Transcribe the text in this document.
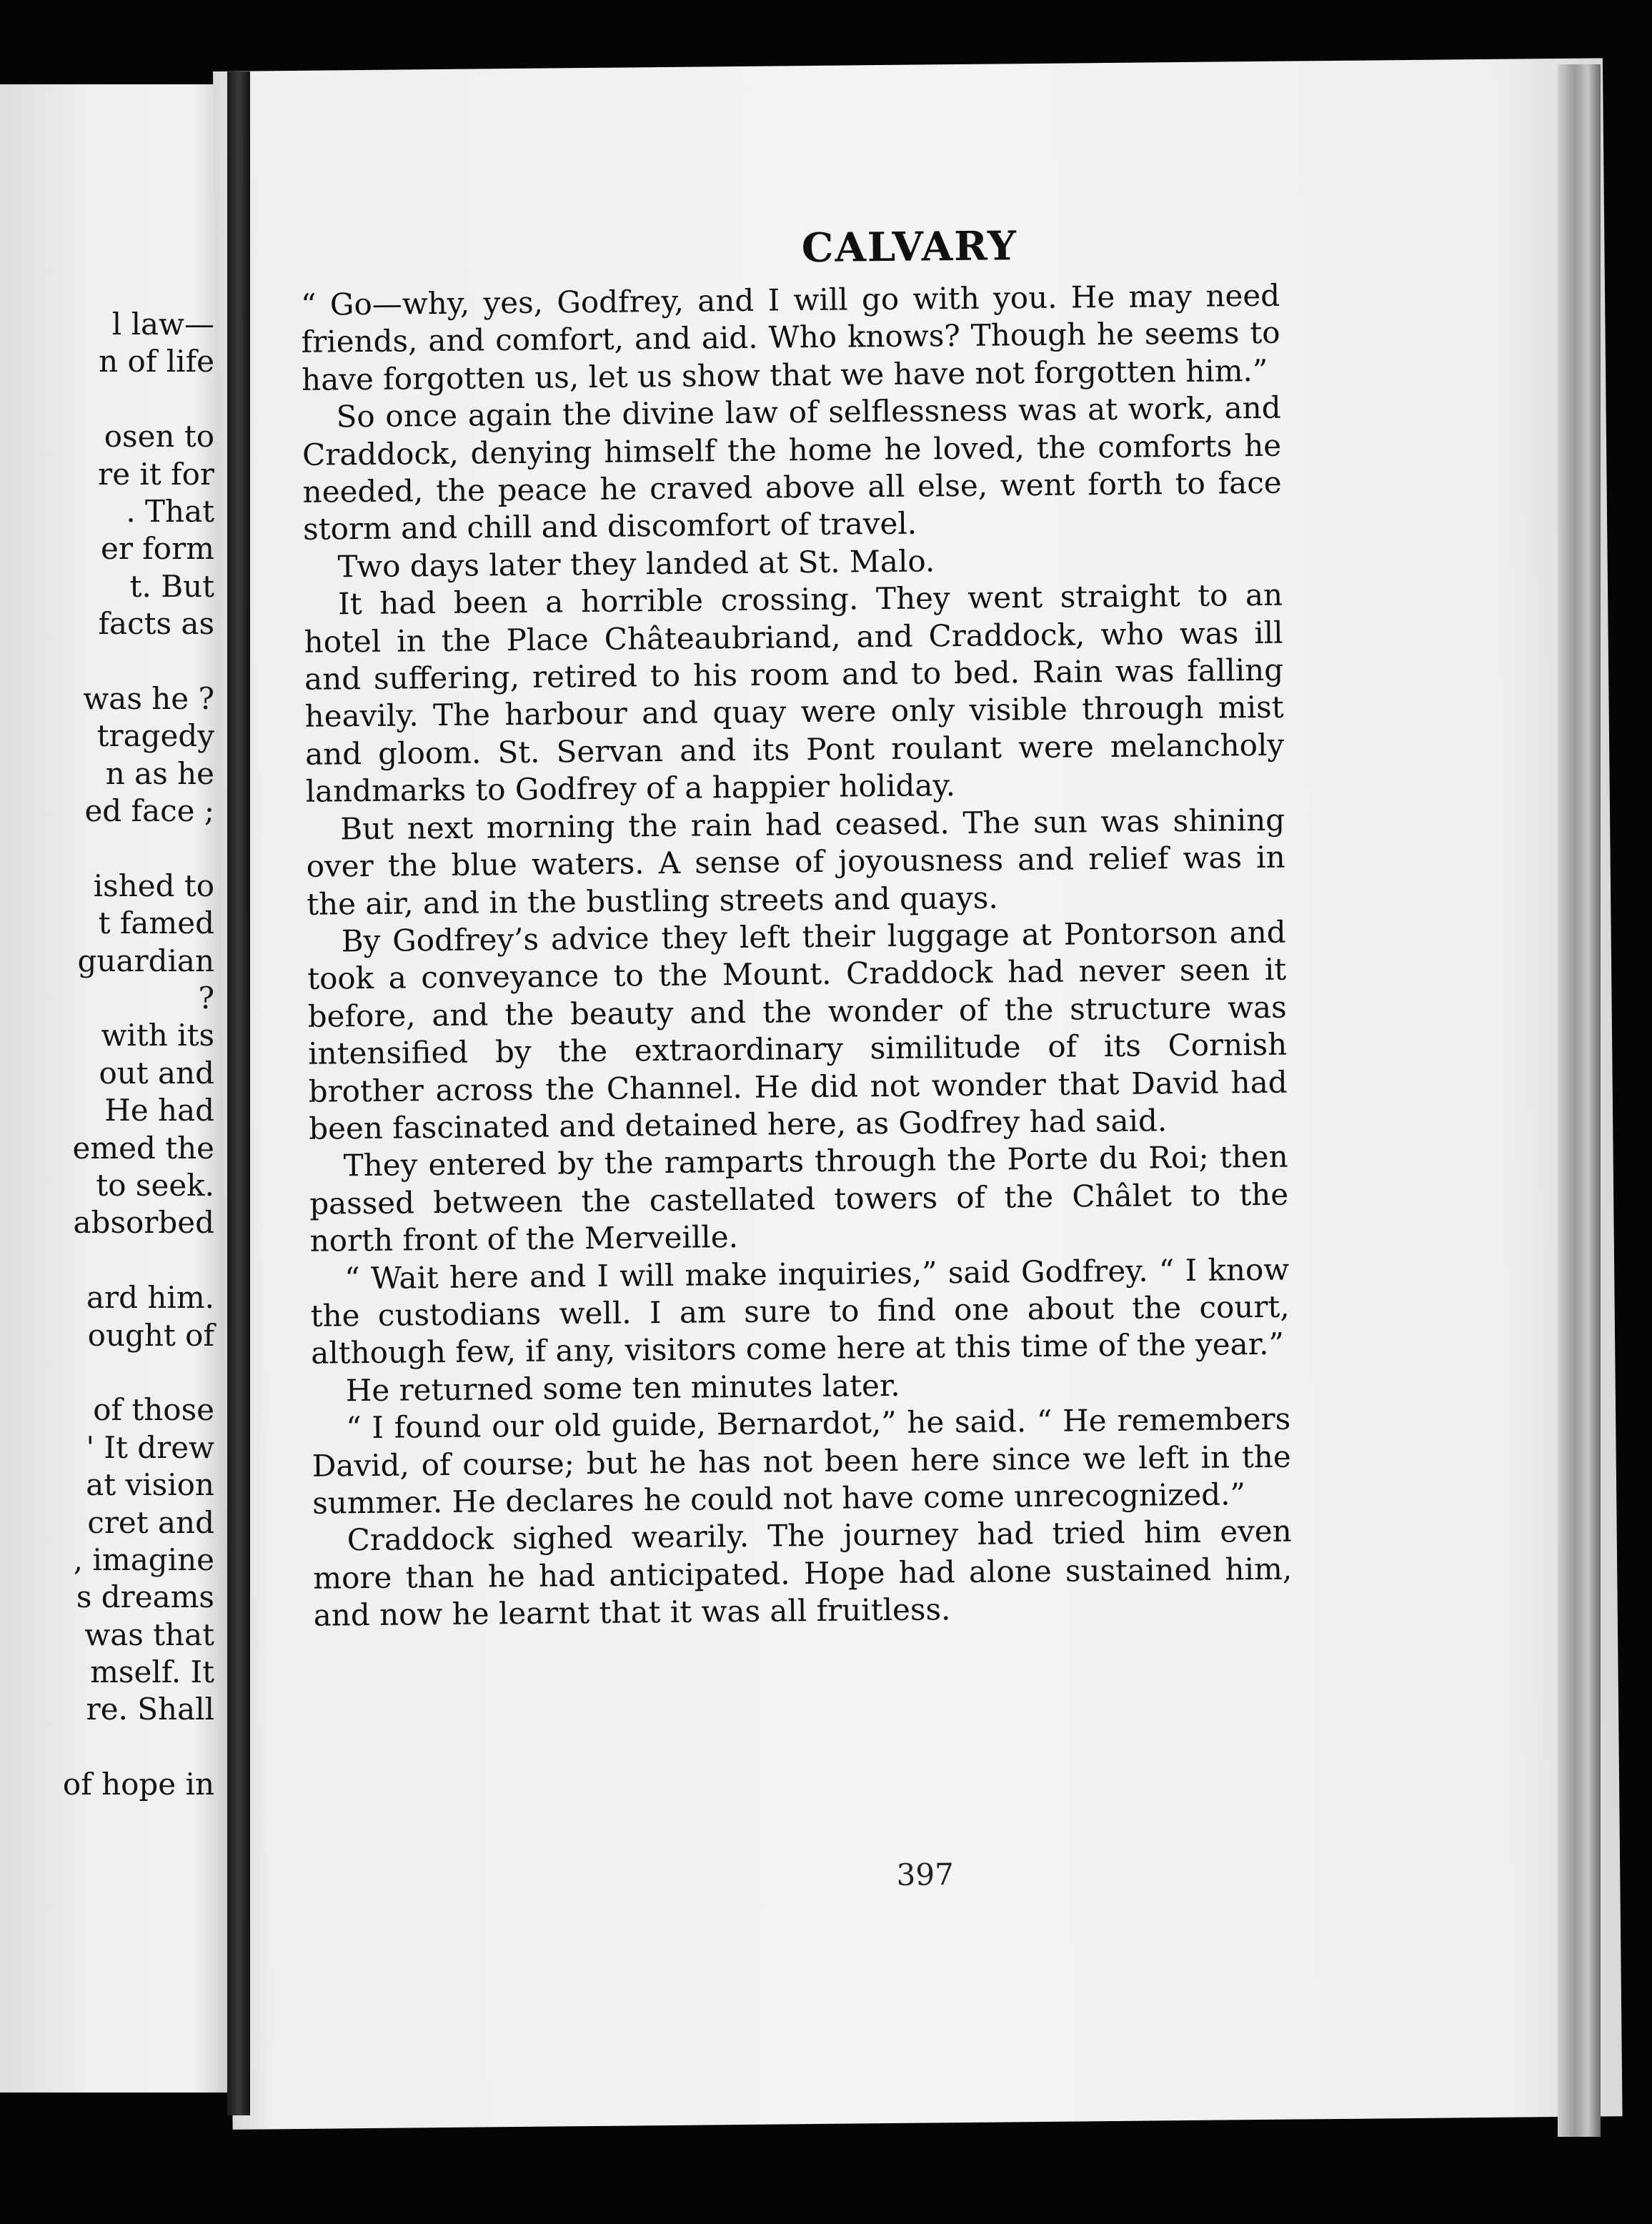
l law—
n of life
osen to
re it for
. That
er form
t. But
facts as
was he ?
tragedy
n as he
ed face ;
ished to
t famed
guardian
?
with its
out and
He had
emed the
to seek.
absorbed
ard him.
ought of
of those
' It drew
at vision
cret and
, imagine
s dreams
was that
mself. It
re. Shall
of hope in
CALVARY

“ Go—why, yes, Godfrey, and I will go with you. He may need friends, and comfort, and aid. Who knows? Though he seems to have forgotten us, let us show that we have not forgotten him.”

So once again the divine law of selflessness was at work, and Craddock, denying himself the home he loved, the comforts he needed, the peace he craved above all else, went forth to face storm and chill and discomfort of travel.

Two days later they landed at St. Malo.

It had been a horrible crossing. They went straight to an hotel in the Place Châteaubriand, and Craddock, who was ill and suffering, retired to his room and to bed. Rain was falling heavily. The harbour and quay were only visible through mist and gloom. St. Servan and its Pont roulant were melancholy landmarks to Godfrey of a happier holiday.

But next morning the rain had ceased. The sun was shining over the blue waters. A sense of joyousness and relief was in the air, and in the bustling streets and quays.

By Godfrey’s advice they left their luggage at Pontorson and took a conveyance to the Mount. Craddock had never seen it before, and the beauty and the wonder of the structure was intensified by the extraordinary similitude of its Cornish brother across the Channel. He did not wonder that David had been fascinated and detained here, as Godfrey had said.

They entered by the ramparts through the Porte du Roi; then passed between the castellated towers of the Châlet to the north front of the Merveille.

“ Wait here and I will make inquiries,” said Godfrey. “ I know the custodians well. I am sure to find one about the court, although few, if any, visitors come here at this time of the year.”

He returned some ten minutes later.

“ I found our old guide, Bernardot,” he said. “ He remembers David, of course; but he has not been here since we left in the summer. He declares he could not have come unrecognized.”

Craddock sighed wearily. The journey had tried him even more than he had anticipated. Hope had alone sustained him, and now he learnt that it was all fruitless.

397
